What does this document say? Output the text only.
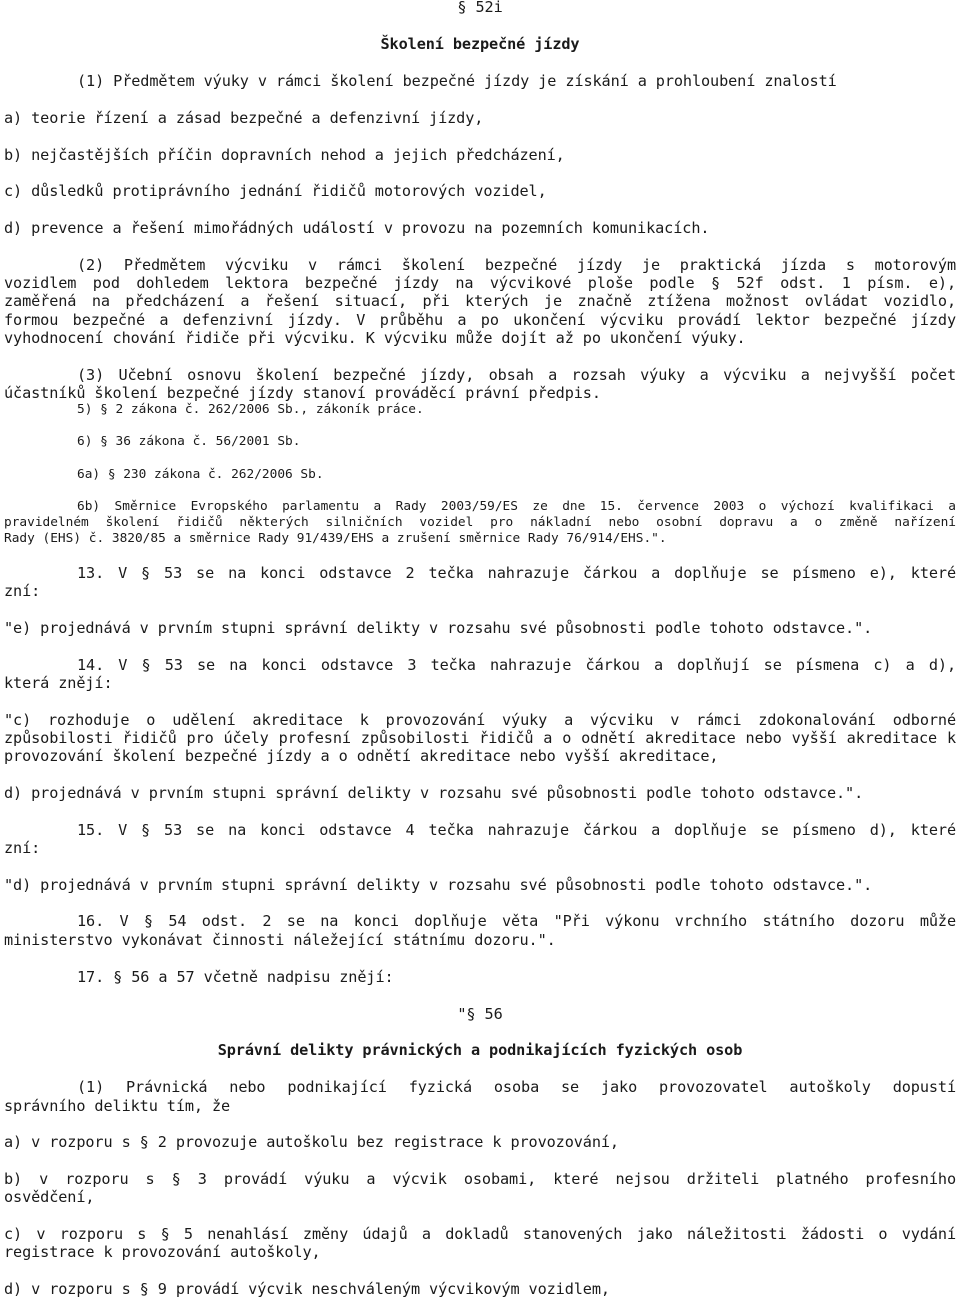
§ 52i

Školení bezpečné jízdy

(1) Předmětem výuky v rámci školení bezpečné jízdy je získání a prohloubení znalostí

a) teorie řízení a zásad bezpečné a defenzivní jízdy,

b) nejčastějších příčin dopravních nehod a jejich předcházení,

c) důsledků protiprávního jednání řidičů motorových vozidel,

d) prevence a řešení mimořádných událostí v provozu na pozemních komunikacích.

(2) Předmětem výcviku v rámci školení bezpečné jízdy je praktická jízda s motorovým

vozidlem pod dohledem lektora bezpečné jízdy na výcvikové ploše podle § 52f odst. 1 písm. e),

zaměřená na předcházení a řešení situací, při kterých je značně ztížena možnost ovládat vozidlo,

formou bezpečné a defenzivní jízdy. V průběhu a po ukončení výcviku provádí lektor bezpečné jízdy

vyhodnocení chování řidiče při výcviku. K výcviku může dojít až po ukončení výuky.

(3) Učební osnovu školení bezpečné jízdy, obsah a rozsah výuky a výcviku a nejvyšší počet

účastníků školení bezpečné jízdy stanoví prováděcí právní předpis.

5) § 2 zákona č. 262/2006 Sb., zákoník práce.

6) § 36 zákona č. 56/2001 Sb.

6a) § 230 zákona č. 262/2006 Sb.

6b) Směrnice Evropského parlamentu a Rady 2003/59/ES ze dne 15. července 2003 o výchozí kvalifikaci a

pravidelném školení řidičů některých silničních vozidel pro nákladní nebo osobní dopravu a o změně nařízení

Rady (EHS) č. 3820/85 a směrnice Rady 91/439/EHS a zrušení směrnice Rady 76/914/EHS.".

13. V § 53 se na konci odstavce 2 tečka nahrazuje čárkou a doplňuje se písmeno e), které

zní:

"e) projednává v prvním stupni správní delikty v rozsahu své působnosti podle tohoto odstavce.".

14. V § 53 se na konci odstavce 3 tečka nahrazuje čárkou a doplňují se písmena c) a d),

která znějí:

"c) rozhoduje o udělení akreditace k provozování výuky a výcviku v rámci zdokonalování odborné

způsobilosti řidičů pro účely profesní způsobilosti řidičů a o odnětí akreditace nebo vyšší akreditace k

provozování školení bezpečné jízdy a o odnětí akreditace nebo vyšší akreditace,

d) projednává v prvním stupni správní delikty v rozsahu své působnosti podle tohoto odstavce.".

15. V § 53 se na konci odstavce 4 tečka nahrazuje čárkou a doplňuje se písmeno d), které

zní:

"d) projednává v prvním stupni správní delikty v rozsahu své působnosti podle tohoto odstavce.".

16. V § 54 odst. 2 se na konci doplňuje věta "Při výkonu vrchního státního dozoru může

ministerstvo vykonávat činnosti náležející státnímu dozoru.".

17. § 56 a 57 včetně nadpisu znějí:

"§ 56

Správní delikty právnických a podnikajících fyzických osob

(1) Právnická nebo podnikající fyzická osoba se jako provozovatel autoškoly dopustí

správního deliktu tím, že

a) v rozporu s § 2 provozuje autoškolu bez registrace k provozování,

b) v rozporu s § 3 provádí výuku a výcvik osobami, které nejsou držiteli platného profesního

osvědčení,

c) v rozporu s § 5 nenahlásí změny údajů a dokladů stanovených jako náležitosti žádosti o vydání

registrace k provozování autoškoly,

d) v rozporu s § 9 provádí výcvik neschváleným výcvikovým vozidlem,
